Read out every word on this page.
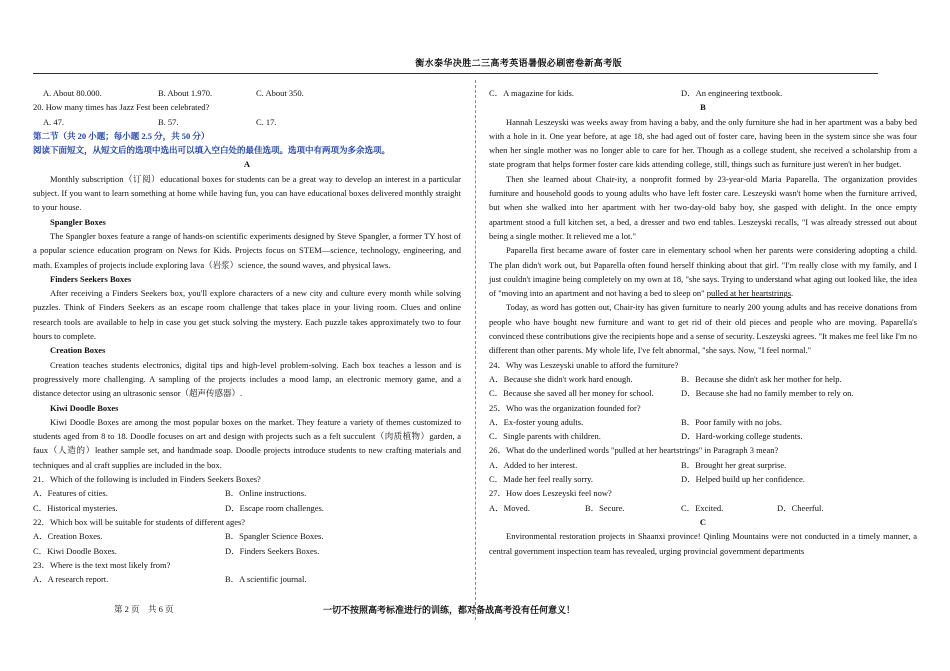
衡水泰华决胜二三高考英语暑假必刷密卷新高考版
A. About 80.000.	B. About 1.970.	C. About 350.
20. How many times has Jazz Fest been celebrated?
A. 47.	B. 57.	C. 17.
第二节（共 20 小题；每小题 2.5 分，共 50 分）
阅读下面短文，从短文后的选项中选出可以填入空白处的最佳选项。选项中有两项为多余选项。
A

Monthly subscription（订阅）educational boxes for students can be a great way to develop an interest in a particular subject. If you want to learn something at home while having fun, you can have educational boxes delivered monthly straight to your house.

Spangler Boxes

The Spangler boxes feature a range of hands-on scientific experiments designed by Steve Spangler, a former TY host of a popular science education program on News for Kids. Projects focus on STEM—science, technology, engineering, and math. Examples of projects include exploring lava（岩浆）science, the sound waves, and physical laws.

Finders Seekers Boxes

After receiving a Finders Seekers box, you'll explore characters of a new city and culture every month while solving puzzles. Think of Finders Seekers as an escape room challenge that takes place in your living room. Clues and online research tools are available to help in case you get stuck solving the mystery. Each puzzle takes approximately two to four hours to complete.

Creation Boxes

Creation teaches students electronics, digital tips and high-level problem-solving. Each box teaches a lesson and is progressively more challenging. A sampling of the projects includes a mood lamp, an electronic memory game, and a distance detector using an ultrasonic sensor（超声传感器）.

Kiwi Doodle Boxes

Kiwi Doodle Boxes are among the most popular boxes on the market. They feature a variety of themes customized to students aged from 8 to 18. Doodle focuses on art and design with projects such as a felt succulent（肉质植物）garden, a faux（人造的）leather sample set, and handmade soap. Doodle projects introduce students to new crafting materials and techniques and al craft supplies are included in the box.

21．Which of the following is included in Finders Seekers Boxes?
A．Features of cities.	B．Online instructions.
C．Historical mysteries.	D．Escape room challenges.
22．Which box will be suitable for students of different ages?
A．Creation Boxes.	B．Spangler Science Boxes.
C．Kiwi Doodle Boxes.	D．Finders Seekers Boxes.
23．Where is the text most likely from?
A．A research report.	B．A scientific journal.
C．A magazine for kids.	D．An engineering textbook.
B

Hannah Leszeyski was weeks away from having a baby, and the only furniture she had in her apartment was a baby bed with a hole in it. One year before, at age 18, she had aged out of foster care, having been in the system since she was four when her single mother was no longer able to care for her. Though as a college student, she received a scholarship from a state program that helps former foster care kids attending college, still, things such as furniture just weren't in her budget.

Then she learned about Chair-ity, a nonprofit formed by 23-year-old Maria Paparella. The organization provides furniture and household goods to young adults who have left foster care. Leszeyski wasn't home when the furniture arrived, but when she walked into her apartment with her two-day-old baby boy, she gasped with delight. In the once empty apartment stood a full kitchen set, a bed, a dresser and two end tables. Leszeyski recalls, "I was already stressed out about being a single mother. It relieved me a lot."

Paparella first became aware of foster care in elementary school when her parents were considering adopting a child. The plan didn't work out, but Paparella often found herself thinking about that girl. "I'm really close with my family, and I just couldn't imagine being completely on my own at 18, "she says. Trying to understand what aging out looked like, the idea of "moving into an apartment and not having a bed to sleep on" pulled at her heartstrings.

Today, as word has gotten out, Chair-ity has given furniture to nearly 200 young adults and has receive donations from people who have bought new furniture and want to get rid of their old pieces and people who are moving. Paparella's convinced these contributions give the recipients hope and a sense of security. Leszeyski agrees. "It makes me feel like I'm no different than other parents. My whole life, I've felt abnormal, "she says. Now, "I feel normal."

24．Why was Leszeyski unable to afford the furniture?
A．Because she didn't work hard enough.	B．Because she didn't ask her mother for help.
C．Because she saved all her money for school.	D．Because she had no family member to rely on.
25．Who was the organization founded for?
A．Ex-foster young adults.	B．Poor family with no jobs.
C．Single parents with children.	D．Hard-working college students.
26．What do the underlined words "pulled at her heartstrings" in Paragraph 3 mean?
A．Added to her interest.	B．Brought her great surprise.
C．Made her feel really sorry.	D．Helped build up her confidence.
27．How does Leszeyski feel now?
A．Moved.	B．Secure.	C．Excited.	D．Cheerful.
C

Environmental restoration projects in Shaanxi province! Qinling Mountains were not conducted in a timely manner, a central government inspection team has revealed, urging provincial government departments

第 2 页　共 6 页	一切不按照高考标准进行的训练，都对备战高考没有任何意义！
